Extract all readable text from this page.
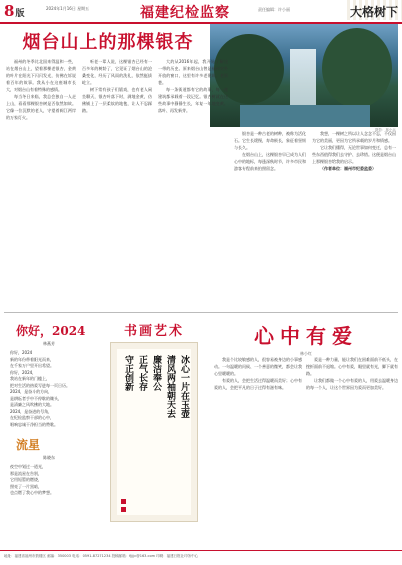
8版
2024年1月16日 星期五	福建纪检监察	责任编辑：许小丽	大格树下
烟台山上的那棵银杏
摄影：林小兵

福州的冬季比北国来得温和一些，站在烟台山上，望着那棵老银杏，金黄的叶片在阳光下闪闪发光，仿佛在诉说着百年的故事。我从小在这座城市长大，对烟台山有着特殊的感情。

每当冬日来临，我总会独自一人走上山，看看那棵银杏树是否依然如故。它像一位沉默的老人，守望着闽江两岸的万家灯火。

听老一辈人说，这棵银杏已经有一百多年的树龄了，它见证了烟台山的沧桑变化，经历了风雨的洗礼，依然挺拔屹立。

树下常有孩子们嬉戏，也有老人闲坐聊天，银杏叶落下时，满地金黄，仿佛铺上了一层柔软的地毯，让人不忍踩踏。

大约从2016年起，我开始了解这一带的历史。原来烟台山曾是福州对外开放的窗口，这里有许多老建筑、老街巷。

每一条街道都有它的故事，每一座建筑都承载着一段记忆。银杏树就在这些故事中静静生长，年复一年地变黄、落叶、再发新芽。

银杏是一种古老的树种，被称为活化石。它生长缓慢，寿命极长，象征着坚韧与长久。

在烟台山上，这棵银杏早已成为人们心中的地标，每逢深秋时节，许多市民和游客专程前来拍照留念。

我想，一棵树之所以让人念念不忘，不仅因为它的美丽，更因为它所承载的岁月和情感。

它让我们懂得，无论世事如何变迁，总有一些东西值得我们去守护、去珍惜。这便是烟台山上那棵银杏给我的启示。

（作者单位：福州市纪委监委）

你好，2024
林燕芳
你好，2024
新的年份带着阳光而来，
在千家万户里开出希望。
你好，2024，
我站在新年的门槛上，
把对生活的热爱写进每一页日历。
2024，是奋斗的方向，
是耕耘者手中不停歇的锄头，
是清廉之风吹拂的大地。
2024，是奋进的号角，
在纪检监察干部的心中，
唱响忠诚干净担当的赞歌。
流星
陈晓东
夜空中划过一道光，
那是流星在告别，
它用短暂的燃烧，
照亮了一片黑暗，
也点燃了我心中的梦想。
书画艺术
冰心一片在玉壶
清风两袖朝天去
廉洁奉公
正气长存
守正创新
心中有爱
林小红

我是个比较敏感的人，很容易被身边的小事感动。一句温暖的问候、一个善意的微笑，都会让我心里暖暖的。

有爱的人，会把生活过得温暖而美好；心中有爱的人，会把平凡的日子过得有滋有味。

爱是一种力量，能让我们在困难面前不低头，在挫折面前不退缩。心中有爱，眼里就有光，脚下就有路。

让我们都做一个心中有爱的人，用爱去温暖身边的每一个人，让这个世界因为爱而更加美好。

地址：福建省福州市鼓楼区 邮编：350003 电话：0591-87271234 投稿邮箱：fjjjjc@163.com 印刷：福建日报社印务中心
